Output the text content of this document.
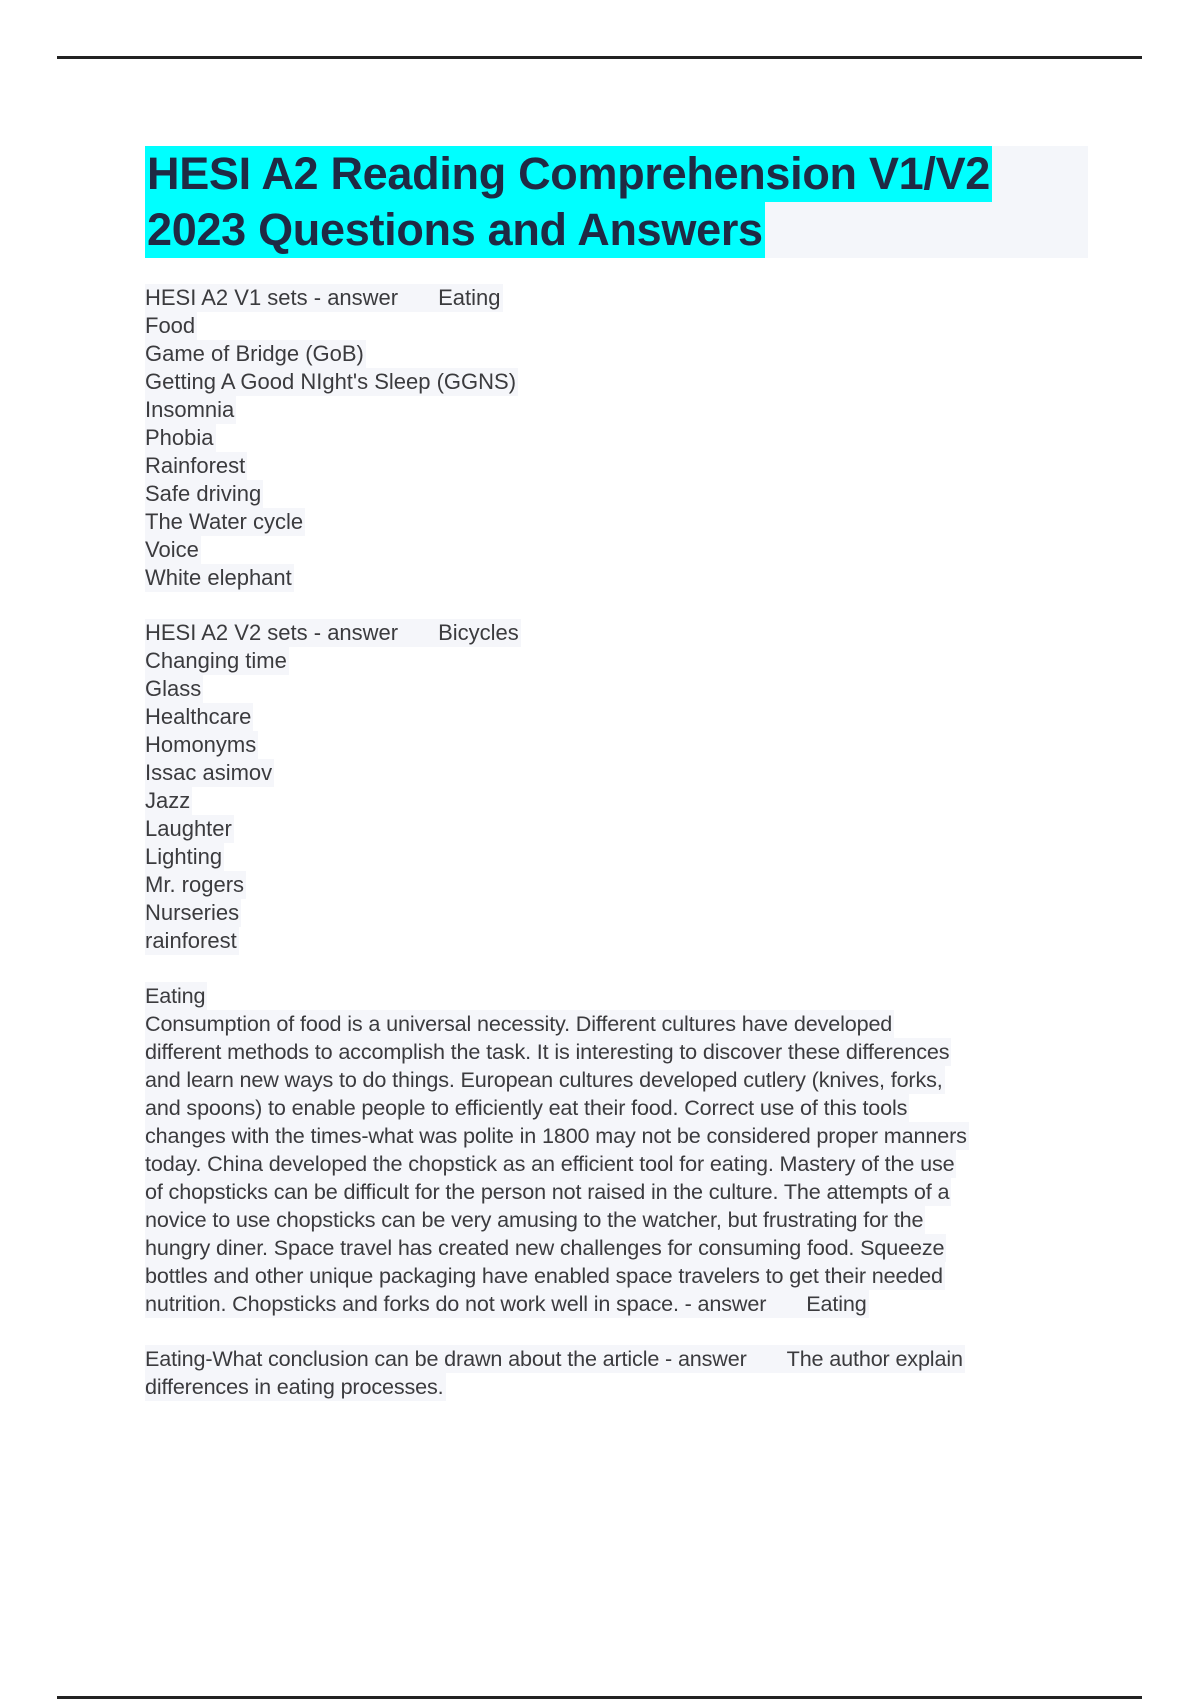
HESI A2 Reading Comprehension V1/V2
2023 Questions and Answers
HESI A2 V1 sets - answer Eating
Food
Game of Bridge (GoB)
Getting A Good NIght's Sleep (GGNS)
Insomnia
Phobia
Rainforest
Safe driving
The Water cycle
Voice
White elephant
HESI A2 V2 sets - answer Bicycles
Changing time
Glass
Healthcare
Homonyms
Issac asimov
Jazz
Laughter
Lighting
Mr. rogers
Nurseries
rainforest
Eating
Consumption of food is a universal necessity. Different cultures have developed
different methods to accomplish the task. It is interesting to discover these differences
and learn new ways to do things. European cultures developed cutlery (knives, forks,
and spoons) to enable people to efficiently eat their food. Correct use of this tools
changes with the times-what was polite in 1800 may not be considered proper manners
today. China developed the chopstick as an efficient tool for eating. Mastery of the use
of chopsticks can be difficult for the person not raised in the culture. The attempts of a
novice to use chopsticks can be very amusing to the watcher, but frustrating for the
hungry diner. Space travel has created new challenges for consuming food. Squeeze
bottles and other unique packaging have enabled space travelers to get their needed
nutrition. Chopsticks and forks do not work well in space. - answer Eating
Eating-What conclusion can be drawn about the article - answer The author explain
differences in eating processes.
